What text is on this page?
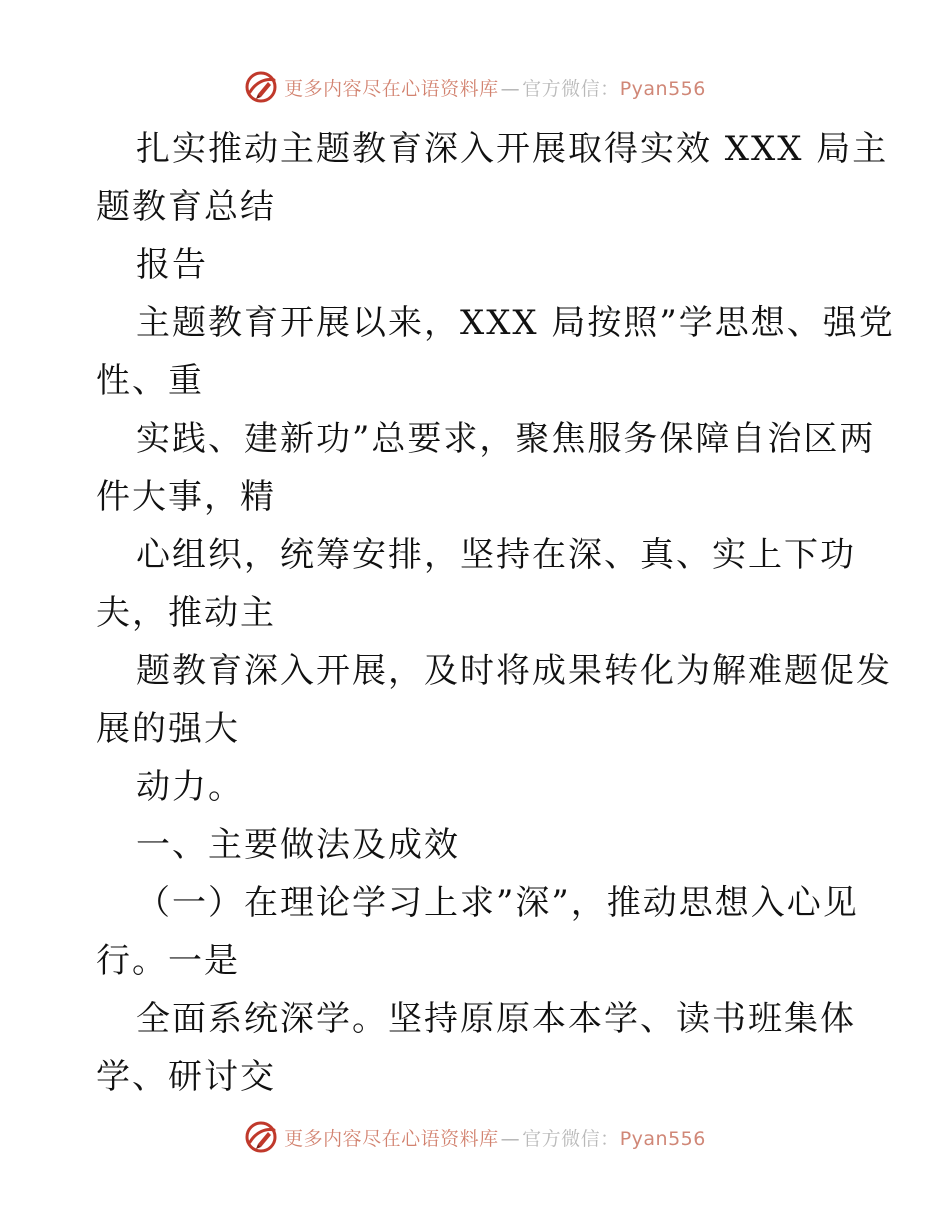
更多内容尽在心语资料库 — 官方微信：Pyan556
扎实推动主题教育深入开展取得实效 XXX 局主
题教育总结
报告
主题教育开展以来，XXX 局按照”学思想、强党
性、重
实践、建新功”总要求，聚焦服务保障自治区两
件大事，精
心组织，统筹安排，坚持在深、真、实上下功
夫，推动主
题教育深入开展，及时将成果转化为解难题促发
展的强大
动力。
一、主要做法及成效
（一）在理论学习上求”深”，推动思想入心见
行。一是
全面系统深学。坚持原原本本学、读书班集体
学、研讨交
更多内容尽在心语资料库 — 官方微信：Pyan556
